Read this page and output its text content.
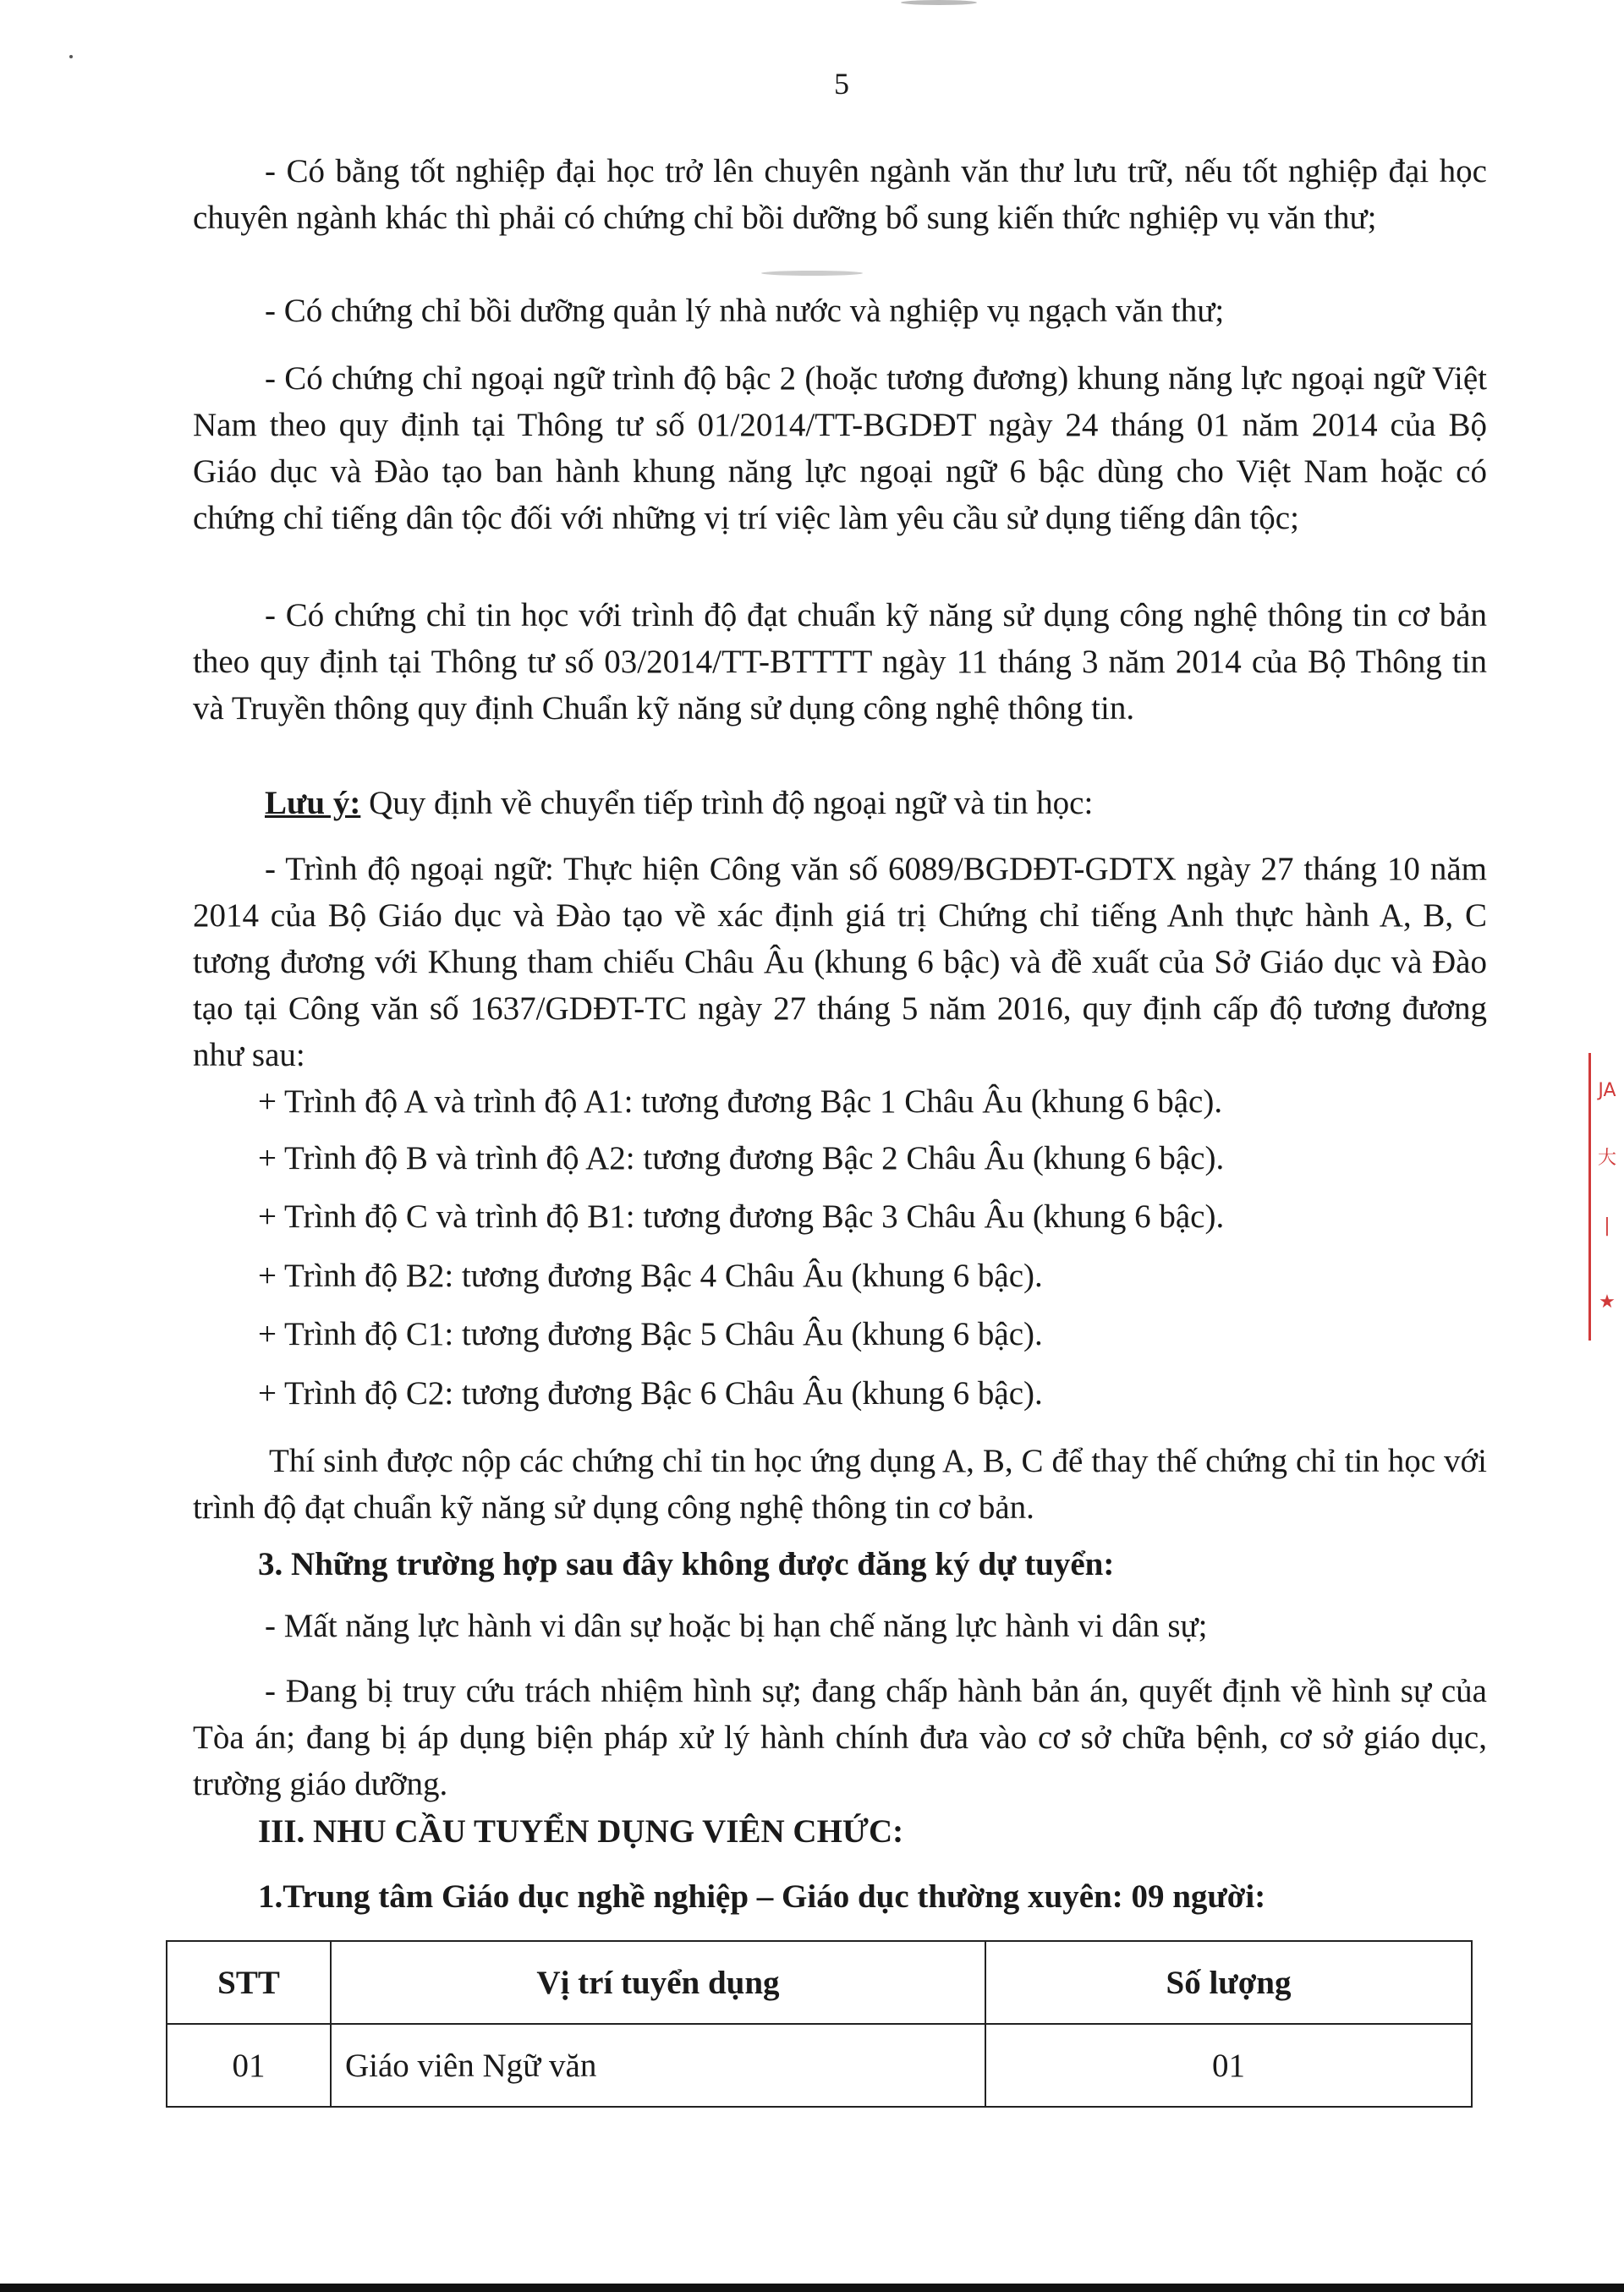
5

- Có bằng tốt nghiệp đại học trở lên chuyên ngành văn thư lưu trữ, nếu tốt nghiệp đại học chuyên ngành khác thì phải có chứng chỉ bồi dưỡng bổ sung kiến thức nghiệp vụ văn thư;

- Có chứng chỉ bồi dưỡng quản lý nhà nước và nghiệp vụ ngạch văn thư;

- Có chứng chỉ ngoại ngữ trình độ bậc 2 (hoặc tương đương) khung năng lực ngoại ngữ Việt Nam theo quy định tại Thông tư số 01/2014/TT-BGDĐT ngày 24 tháng 01 năm 2014 của Bộ Giáo dục và Đào tạo ban hành khung năng lực ngoại ngữ 6 bậc dùng cho Việt Nam hoặc có chứng chỉ tiếng dân tộc đối với những vị trí việc làm yêu cầu sử dụng tiếng dân tộc;

- Có chứng chỉ tin học với trình độ đạt chuẩn kỹ năng sử dụng công nghệ thông tin cơ bản theo quy định tại Thông tư số 03/2014/TT-BTTTT ngày 11 tháng 3 năm 2014 của Bộ Thông tin và Truyền thông quy định Chuẩn kỹ năng sử dụng công nghệ thông tin.

Lưu ý: Quy định về chuyển tiếp trình độ ngoại ngữ và tin học:

- Trình độ ngoại ngữ: Thực hiện Công văn số 6089/BGDĐT-GDTX ngày 27 tháng 10 năm 2014 của Bộ Giáo dục và Đào tạo về xác định giá trị Chứng chỉ tiếng Anh thực hành A, B, C tương đương với Khung tham chiếu Châu Âu (khung 6 bậc) và đề xuất của Sở Giáo dục và Đào tạo tại Công văn số 1637/GDĐT-TC ngày 27 tháng 5 năm 2016, quy định cấp độ tương đương như sau:

+ Trình độ A và trình độ A1: tương đương Bậc 1 Châu Âu (khung 6 bậc).

+ Trình độ B và trình độ A2: tương đương Bậc 2 Châu Âu (khung 6 bậc).

+ Trình độ C và trình độ B1: tương đương Bậc 3 Châu Âu (khung 6 bậc).

+ Trình độ B2: tương đương Bậc 4 Châu Âu (khung 6 bậc).

+ Trình độ C1: tương đương Bậc 5 Châu Âu (khung 6 bậc).

+ Trình độ C2: tương đương Bậc 6 Châu Âu (khung 6 bậc).

Thí sinh được nộp các chứng chỉ tin học ứng dụng A, B, C để thay thế chứng chỉ tin học với trình độ đạt chuẩn kỹ năng sử dụng công nghệ thông tin cơ bản.

3. Những trường hợp sau đây không được đăng ký dự tuyển:

- Mất năng lực hành vi dân sự hoặc bị hạn chế năng lực hành vi dân sự;

- Đang bị truy cứu trách nhiệm hình sự; đang chấp hành bản án, quyết định về hình sự của Tòa án; đang bị áp dụng biện pháp xử lý hành chính đưa vào cơ sở chữa bệnh, cơ sở giáo dục, trường giáo dưỡng.

III. NHU CẦU TUYỂN DỤNG VIÊN CHỨC:

1.Trung tâm Giáo dục nghề nghiệp – Giáo dục thường xuyên: 09 người:

STT	Vị trí tuyển dụng	Số lượng
01	Giáo viên Ngữ văn	01
JA
大
|
★
